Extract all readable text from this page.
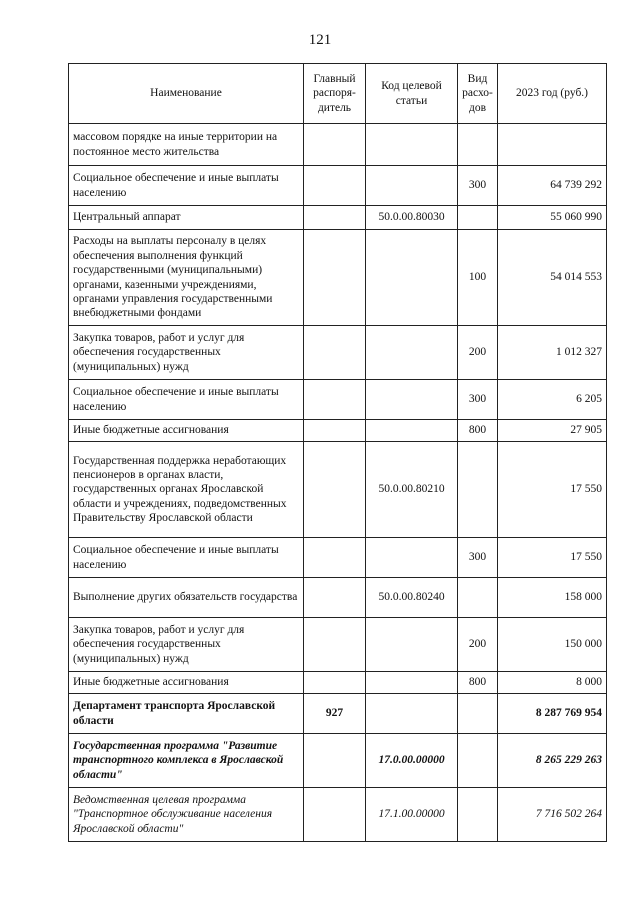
121
Наименование	Главный распоря-дитель	Код целевой статьи	Вид расхо-дов	2023 год (руб.)
массовом порядке на иные территории на постоянное место жительства				
Социальное обеспечение и иные выплаты населению			300	64 739 292
Центральный аппарат		50.0.00.80030		55 060 990
Расходы на выплаты персоналу в целях обеспечения выполнения функций государственными (муниципальными) органами, казенными учреждениями, органами управления государственными внебюджетными фондами			100	54 014 553
Закупка товаров, работ и услуг для обеспечения государственных (муниципальных) нужд			200	1 012 327
Социальное обеспечение и иные выплаты населению			300	6 205
Иные бюджетные ассигнования			800	27 905
Государственная поддержка неработающих пенсионеров в органах власти, государственных органах Ярославской области и учреждениях, подведомственных Правительству Ярославской области		50.0.00.80210		17 550
Социальное обеспечение и иные выплаты населению			300	17 550
Выполнение других обязательств государства		50.0.00.80240		158 000
Закупка товаров, работ и услуг для обеспечения государственных (муниципальных) нужд			200	150 000
Иные бюджетные ассигнования			800	8 000
Департамент транспорта Ярославской области	927			8 287 769 954
Государственная программа "Развитие транспортного комплекса в Ярославской области"		17.0.00.00000		8 265 229 263
Ведомственная целевая программа "Транспортное обслуживание населения Ярославской области"		17.1.00.00000		7 716 502 264
